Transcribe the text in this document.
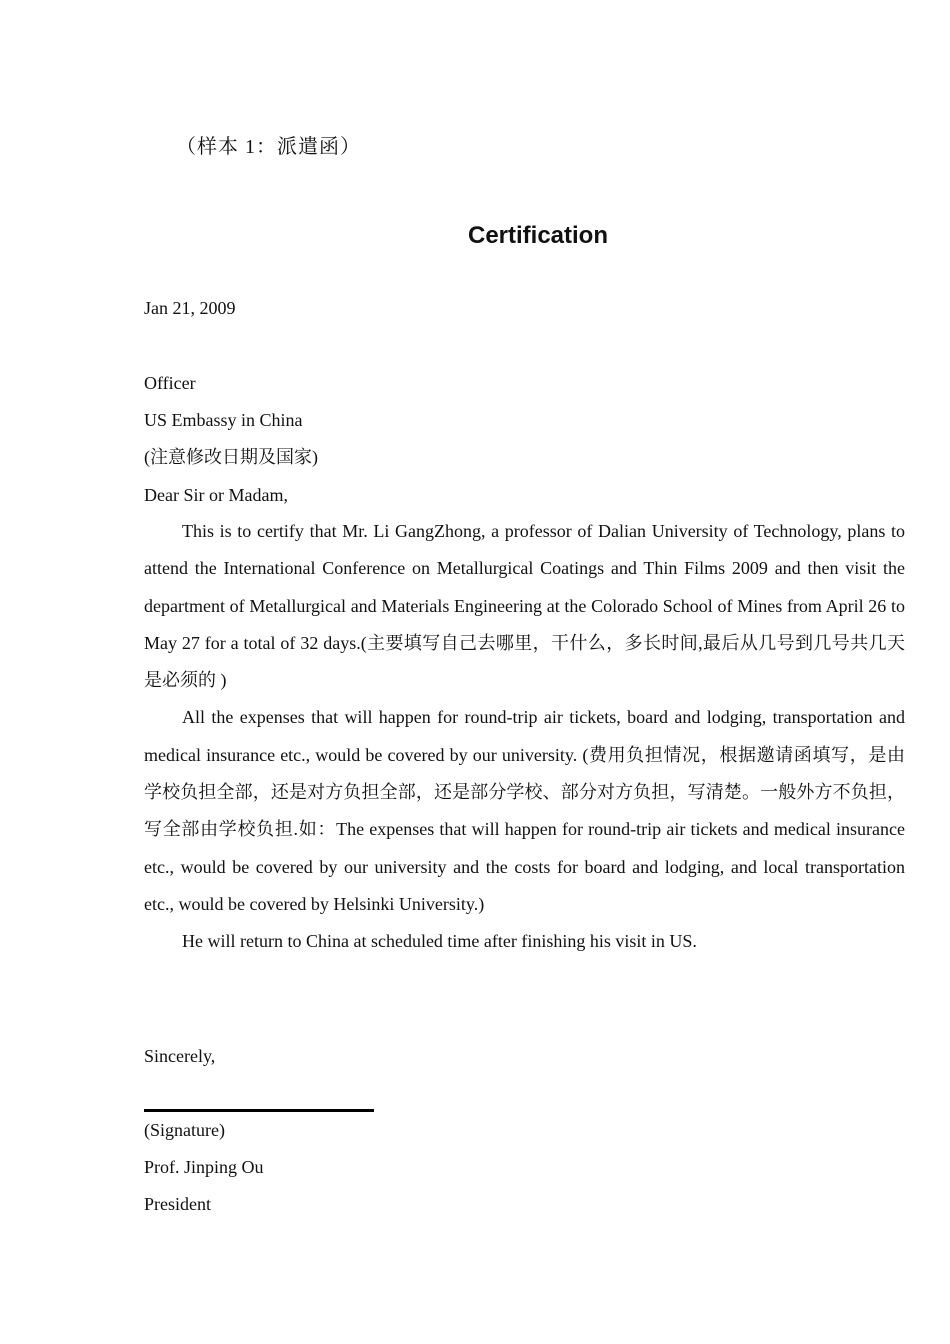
（样本 1：派遣函）
Certification
Jan 21, 2009
Officer
US Embassy in China
(注意修改日期及国家)
Dear Sir or Madam,

This is to certify that Mr. Li GangZhong, a professor of Dalian University of Technology, plans to attend the International Conference on Metallurgical Coatings and Thin Films 2009 and then visit the department of Metallurgical and Materials Engineering at the Colorado School of Mines from April 26 to May 27 for a total of 32 days.(主要填写自己去哪里，干什么，多长时间,最后从几号到几号共几天是必须的 )

All the expenses that will happen for round-trip air tickets, board and lodging, transportation and medical insurance etc., would be covered by our university. (费用负担情况，根据邀请函填写，是由学校负担全部，还是对方负担全部，还是部分学校、部分对方负担，写清楚。一般外方不负担，写全部由学校负担.如：The expenses that will happen for round-trip air tickets and medical insurance etc., would be covered by our university and the costs for board and lodging, and local transportation etc., would be covered by Helsinki University.)

He will return to China at scheduled time after finishing his visit in US.

Sincerely,
(Signature)
Prof. Jinping Ou
President
